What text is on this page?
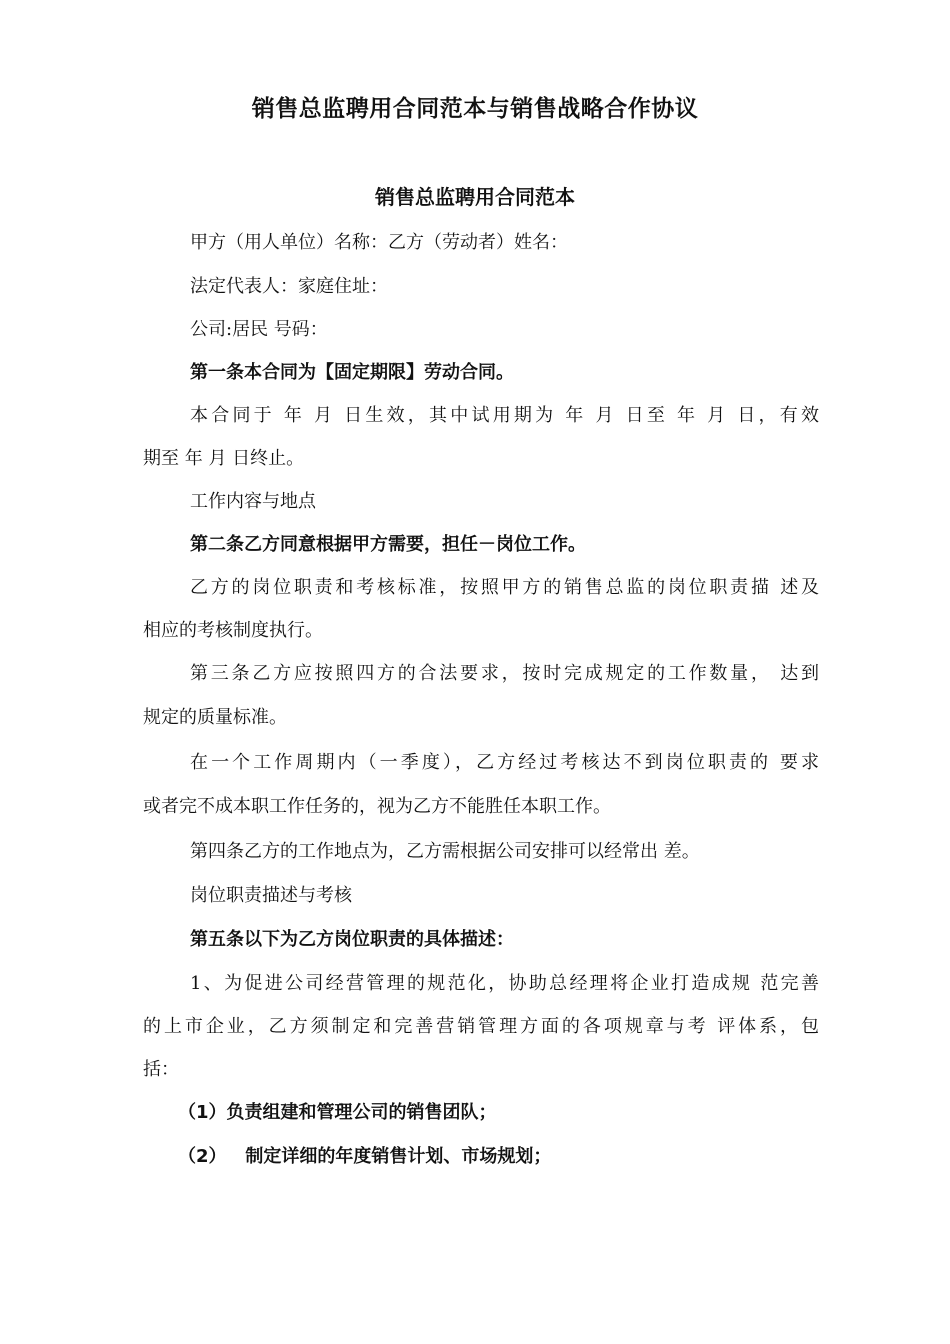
销售总监聘用合同范本与销售战略合作协议
销售总监聘用合同范本
甲方（用人单位）名称：乙方（劳动者）姓名：
法定代表人：家庭住址：
公司:居民 号码：
第一条本合同为【固定期限】劳动合同。
本合同于 年 月 日生效，其中试用期为 年 月 日至 年 月 日，有效
期至 年 月 日终止。
工作内容与地点
第二条乙方同意根据甲方需要，担任－岗位工作。
乙方的岗位职责和考核标准，按照甲方的销售总监的岗位职责描 述及
相应的考核制度执行。
第三条乙方应按照四方的合法要求，按时完成规定的工作数量， 达到
规定的质量标准。
在一个工作周期内（一季度），乙方经过考核达不到岗位职责的 要求
或者完不成本职工作任务的，视为乙方不能胜任本职工作。
第四条乙方的工作地点为，乙方需根据公司安排可以经常出 差。
岗位职责描述与考核
第五条以下为乙方岗位职责的具体描述：
1、为促进公司经营管理的规范化，协助总经理将企业打造成规 范完善
的上市企业，乙方须制定和完善营销管理方面的各项规章与考 评体系，包
括：
（1）负责组建和管理公司的销售团队；
（2）   制定详细的年度销售计划、市场规划；
